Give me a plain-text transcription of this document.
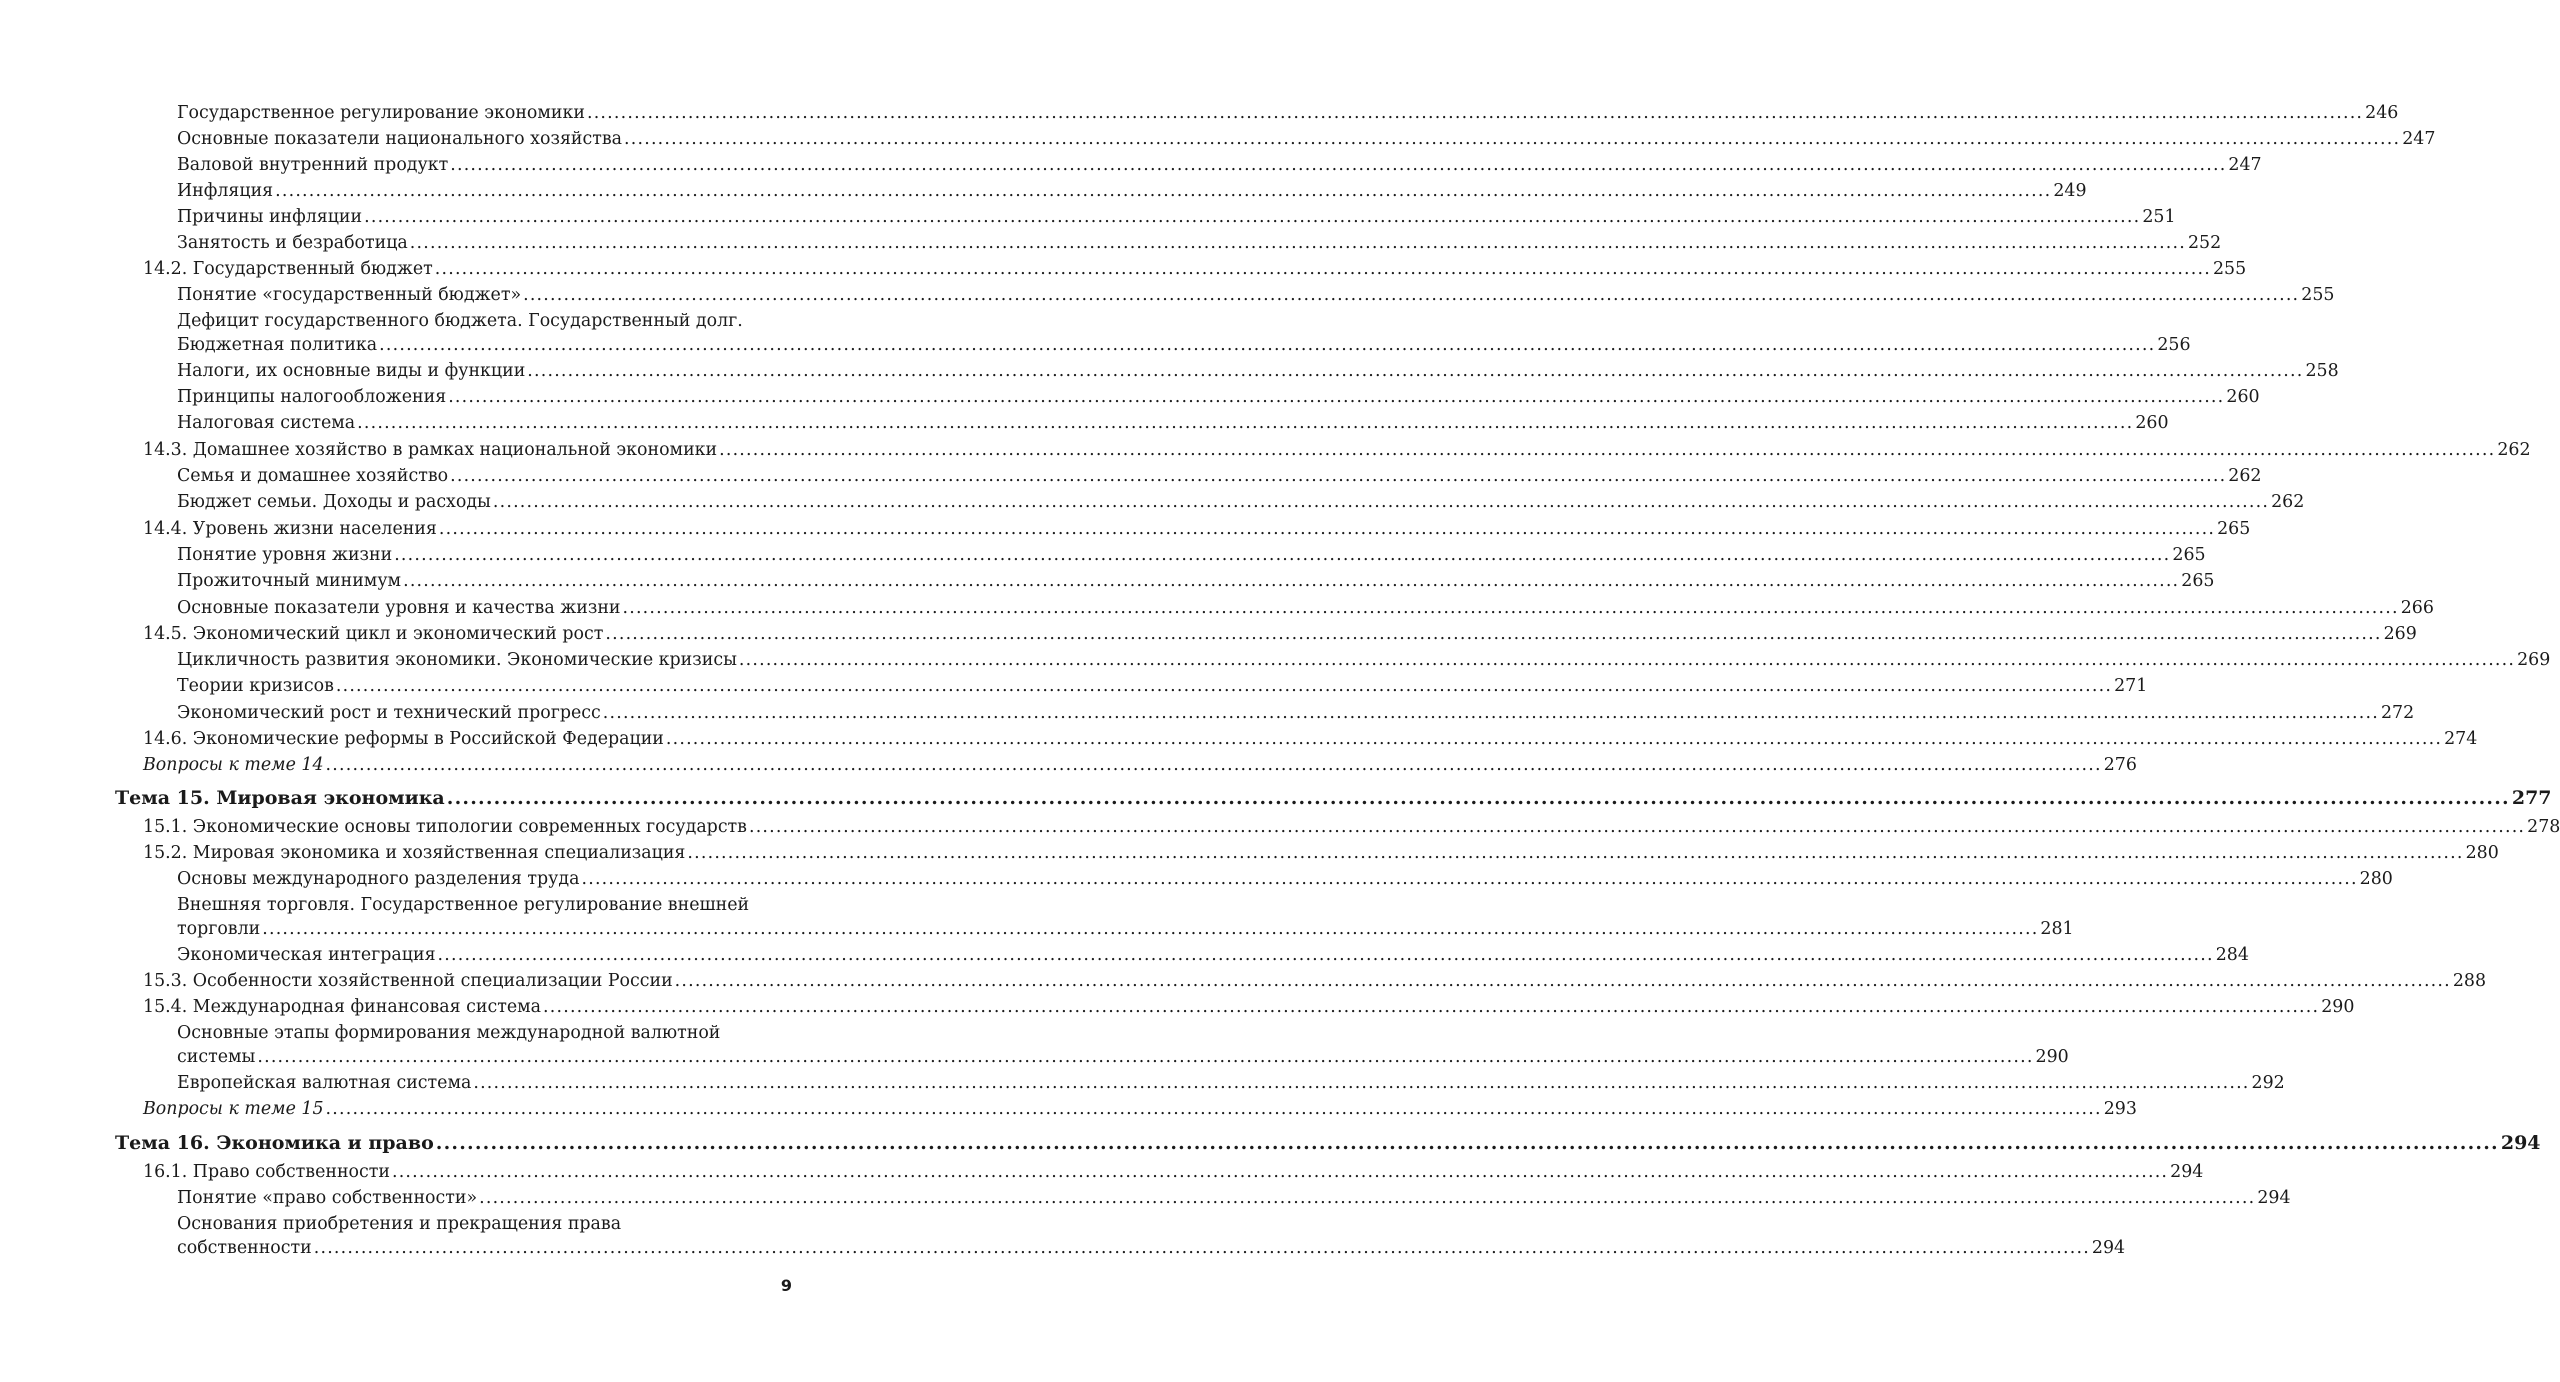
Государственное регулирование экономики .....	246
Основные показатели национального хозяйства .....	247
Валовой внутренний продукт .....	247
Инфляция .....	249
Причины инфляции .....	251
Занятость и безработица .....	252
14.2. Государственный бюджет .....	255
Понятие «государственный бюджет» .....	255
Дефицит государственного бюджета. Государственный долг.
Бюджетная политика .....	256
Налоги, их основные виды и функции .....	258
Принципы налогообложения .....	260
Налоговая система .....	260
14.3. Домашнее хозяйство в рамках национальной экономики .....	262
Семья и домашнее хозяйство .....	262
Бюджет семьи. Доходы и расходы .....	262
14.4. Уровень жизни населения .....	265
Понятие уровня жизни .....	265
Прожиточный минимум .....	265
Основные показатели уровня и качества жизни .....	266
14.5. Экономический цикл и экономический рост .....	269
Цикличность развития экономики. Экономические кризисы .....	269
Теории кризисов .....	271
Экономический рост и технический прогресс .....	272
14.6. Экономические реформы в Российской Федерации .....	274
Вопросы к теме 14 .....	276
Тема 15. Мировая экономика .....	277
15.1. Экономические основы типологии современных государств .....	278
15.2. Мировая экономика и хозяйственная специализация .....	280
Основы международного разделения труда .....	280
Внешняя торговля. Государственное регулирование внешней
торговли .....	281
Экономическая интеграция .....	284
15.3. Особенности хозяйственной специализации России .....	288
15.4. Международная финансовая система .....	290
Основные этапы формирования международной валютной
системы .....	290
Европейская валютная система .....	292
Вопросы к теме 15 .....	293
Тема 16. Экономика и право .....	294
16.1. Право собственности .....	294
Понятие «право собственности» .....	294
Основания приобретения и прекращения права
собственности .....	294
9
